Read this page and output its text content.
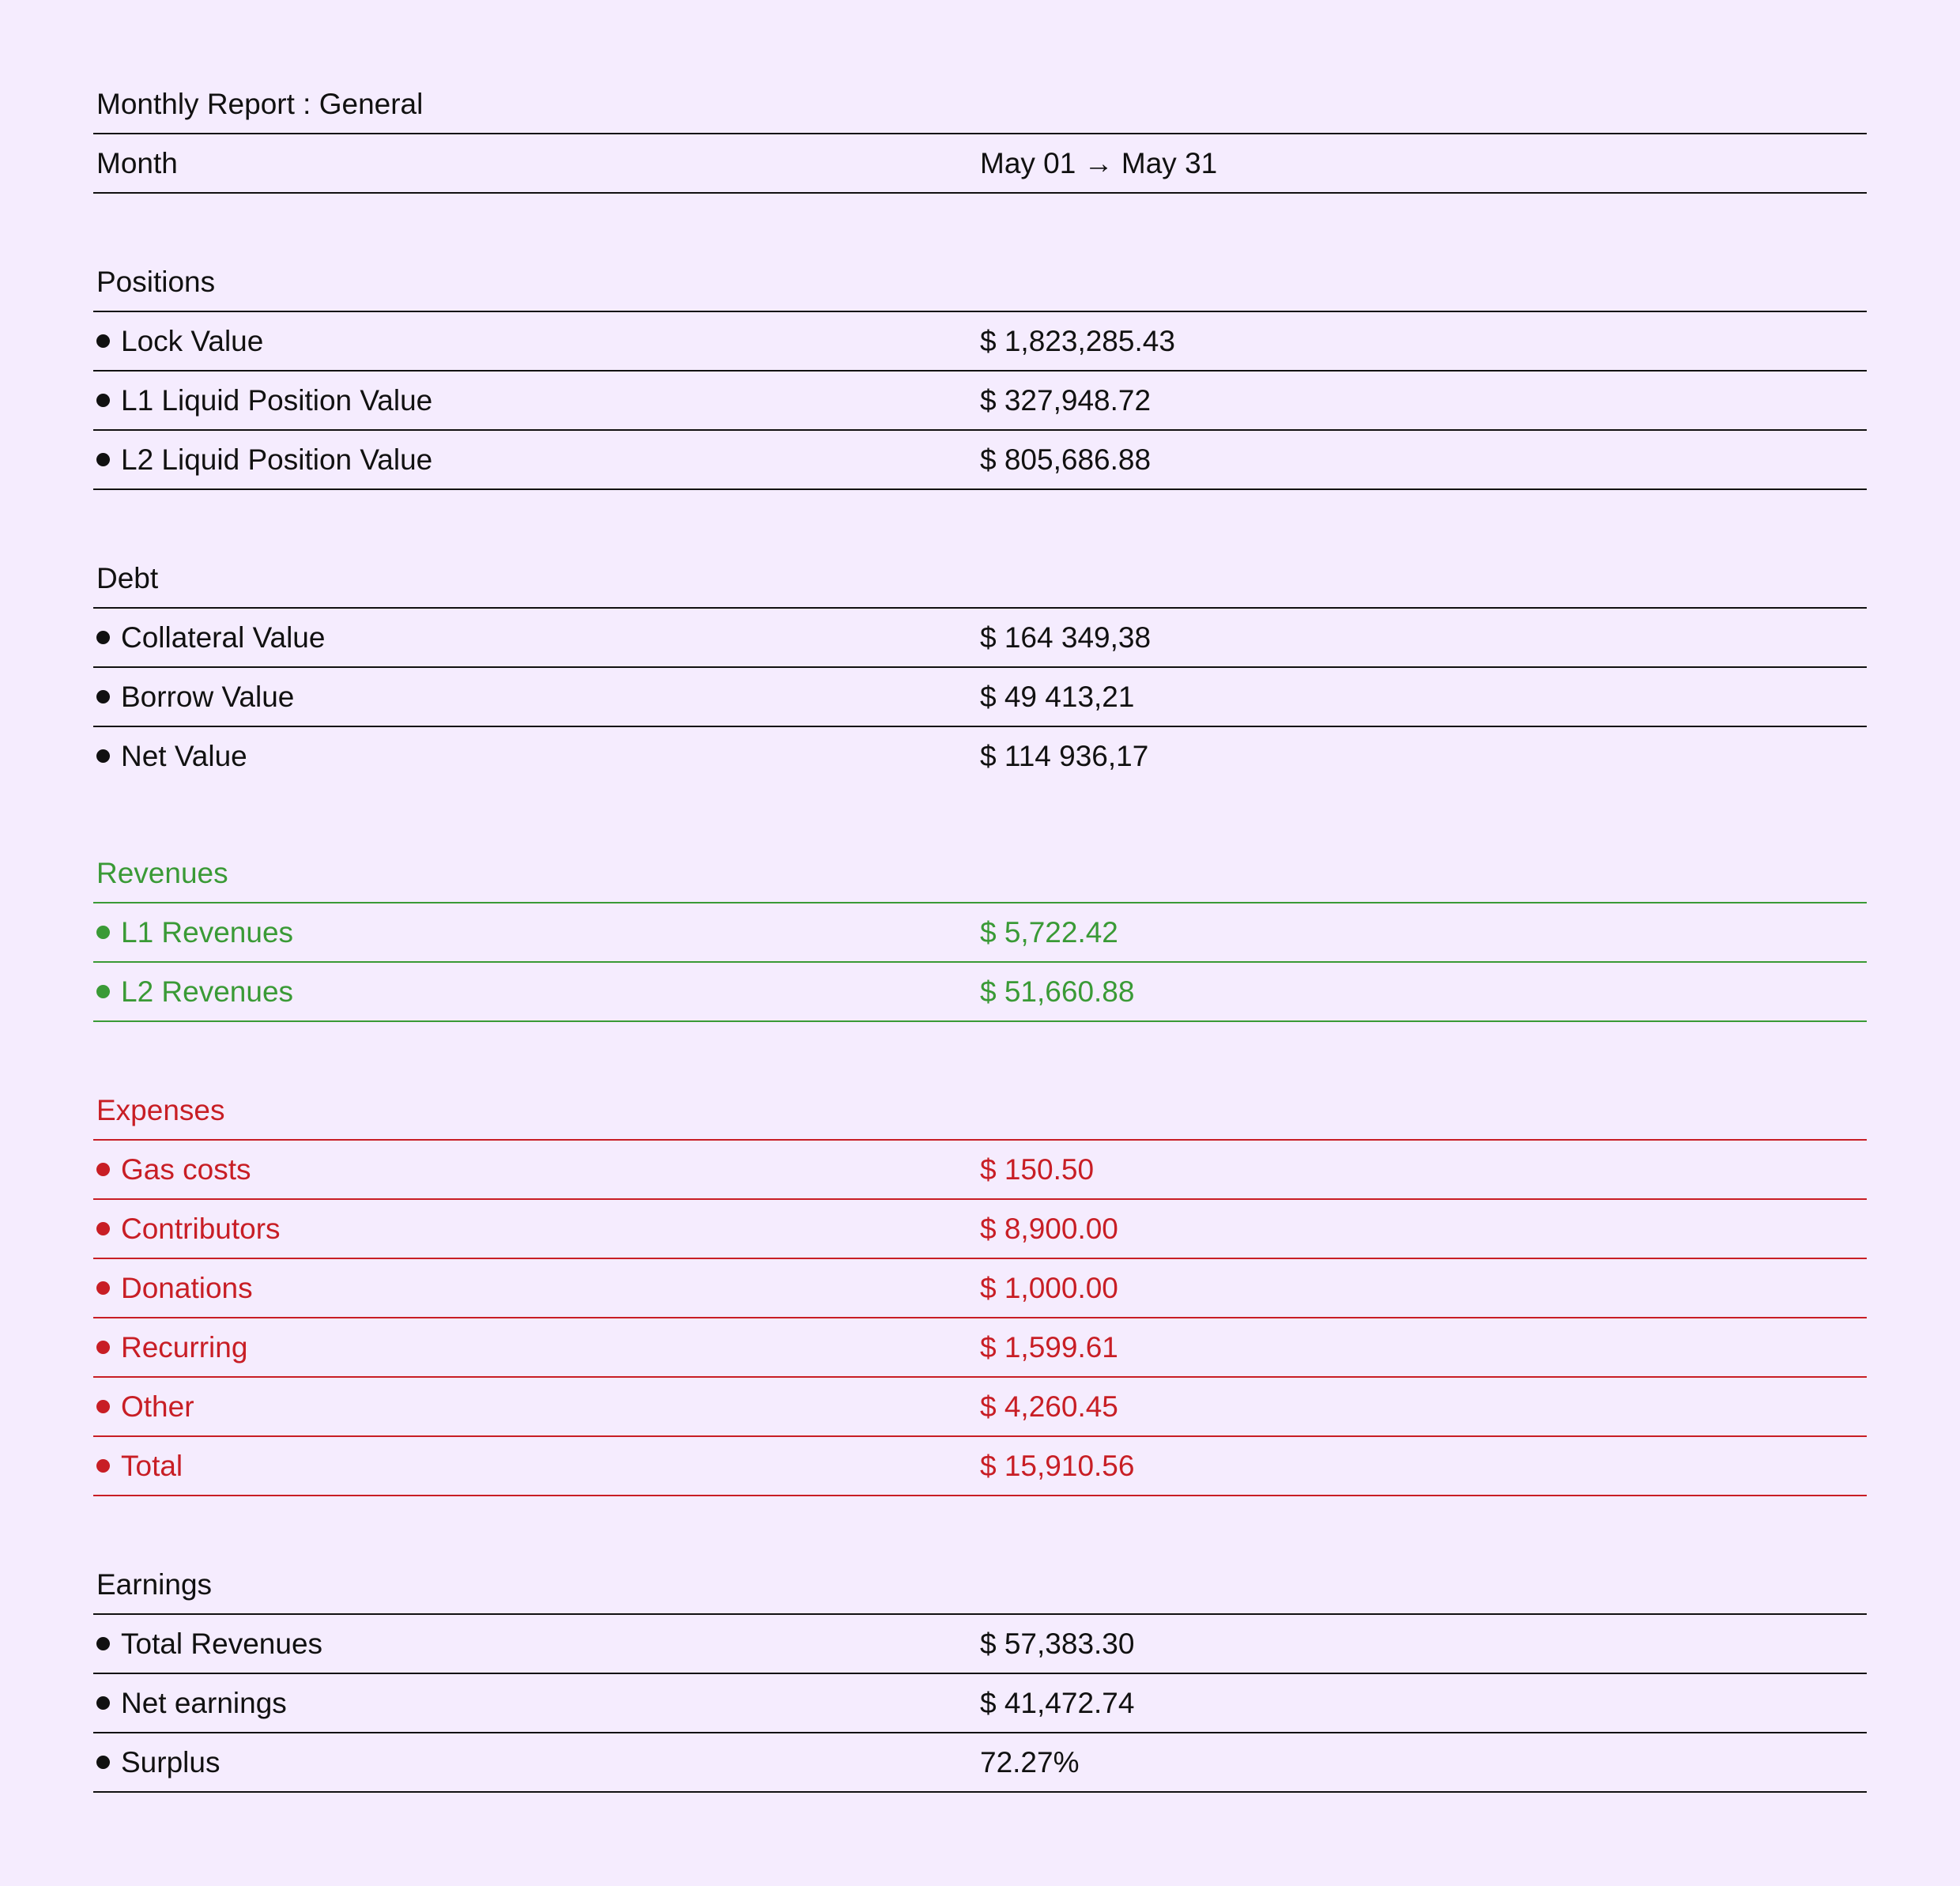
Monthly Report : General
Month	May 01 → May 31
Positions
Lock Value	$ 1,823,285.43
L1 Liquid Position Value	$ 327,948.72
L2 Liquid Position Value	$ 805,686.88
Debt
Collateral Value	$ 164 349,38
Borrow Value	$ 49 413,21
Net Value	$ 114 936,17
Revenues
L1 Revenues	$ 5,722.42
L2 Revenues	$ 51,660.88
Expenses
Gas costs	$ 150.50
Contributors	$ 8,900.00
Donations	$ 1,000.00
Recurring	$ 1,599.61
Other	$ 4,260.45
Total	$ 15,910.56
Earnings
Total Revenues	$ 57,383.30
Net earnings	$ 41,472.74
Surplus	72.27%
